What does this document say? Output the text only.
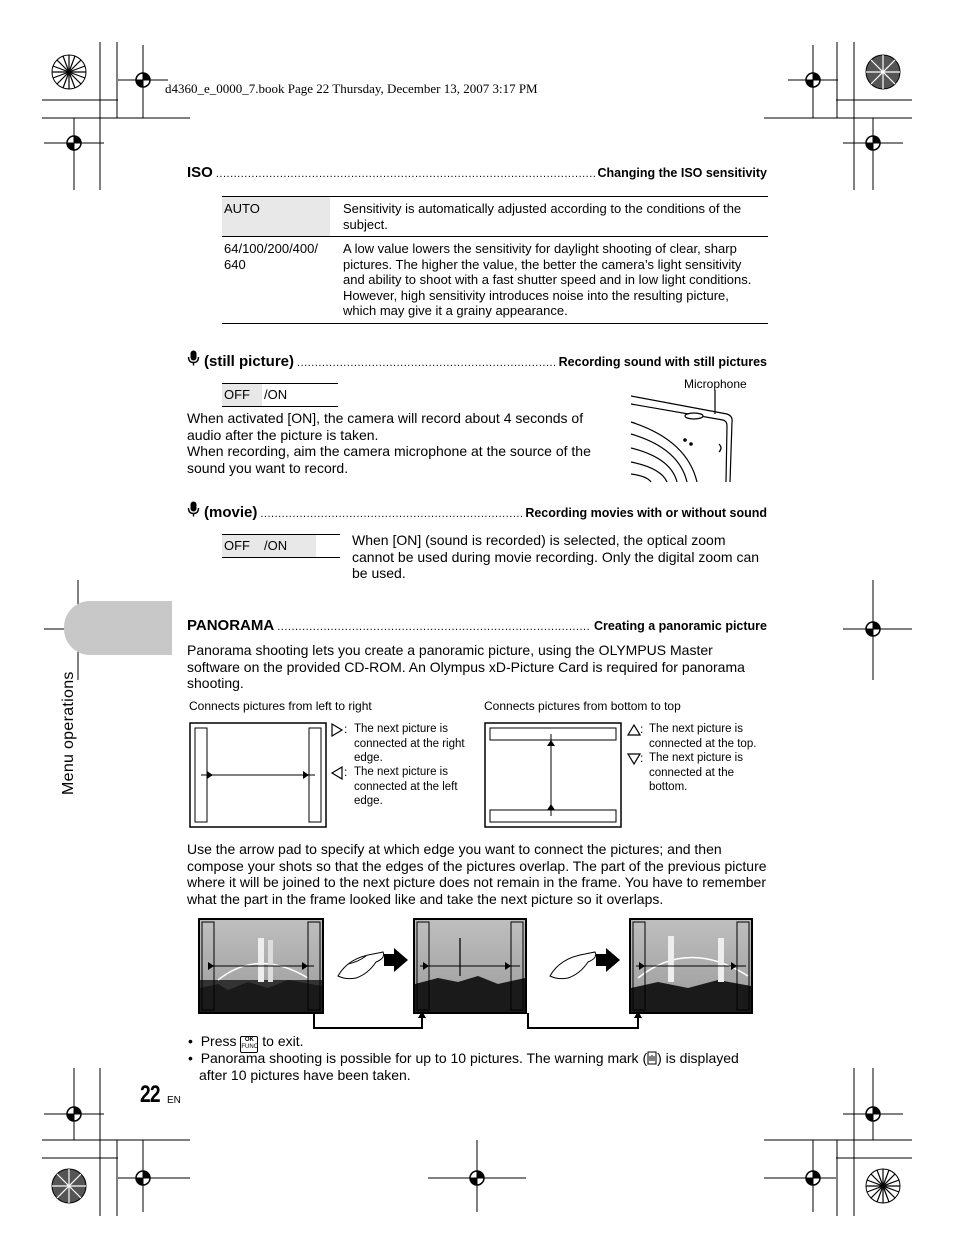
d4360_e_0000_7.book Page 22 Thursday, December 13, 2007 3:17 PM
Menu operations
ISO .....	Changing the ISO sensitivity
AUTO	Sensitivity is automatically adjusted according to the conditions of the subject.
64/100/200/400/ 640	A low value lowers the sensitivity for daylight shooting of clear, sharp pictures. The higher the value, the better the camera’s light sensitivity and ability to shoot with a fast shutter speed and in low light conditions. However, high sensitivity introduces noise into the resulting picture, which may give it a grainy appearance.
(still picture) .....	Recording sound with still pictures
OFF	/ON
Microphone
When activated [ON], the camera will record about 4 seconds of audio after the picture is taken.
When recording, aim the camera microphone at the source of the sound you want to record.
(movie) .....	Recording movies with or without sound
OFF	/ON	When [ON] (sound is recorded) is selected, the optical zoom cannot be used during movie recording. Only the digital zoom can be used.
PANORAMA .....	Creating a panoramic picture
Panorama shooting lets you create a panoramic picture, using the OLYMPUS Master software on the provided CD-ROM. An Olympus xD-Picture Card is required for panorama shooting.
Connects pictures from left to right	Connects pictures from bottom to top
: The next picture is connected at the right edge.
: The next picture is connected at the left edge.
: The next picture is connected at the top.
: The next picture is connected at the bottom.
Use the arrow pad to specify at which edge you want to connect the pictures; and then compose your shots so that the edges of the pictures overlap. The part of the previous picture where it will be joined to the next picture does not remain in the frame. You have to remember what the part in the frame looked like and take the next picture so it overlaps.
•  Press	OK
FUNC to exit.
• Panorama shooting is possible for up to 10 pictures. The warning mark ( ) is displayed after 10 pictures have been taken.
22 EN
